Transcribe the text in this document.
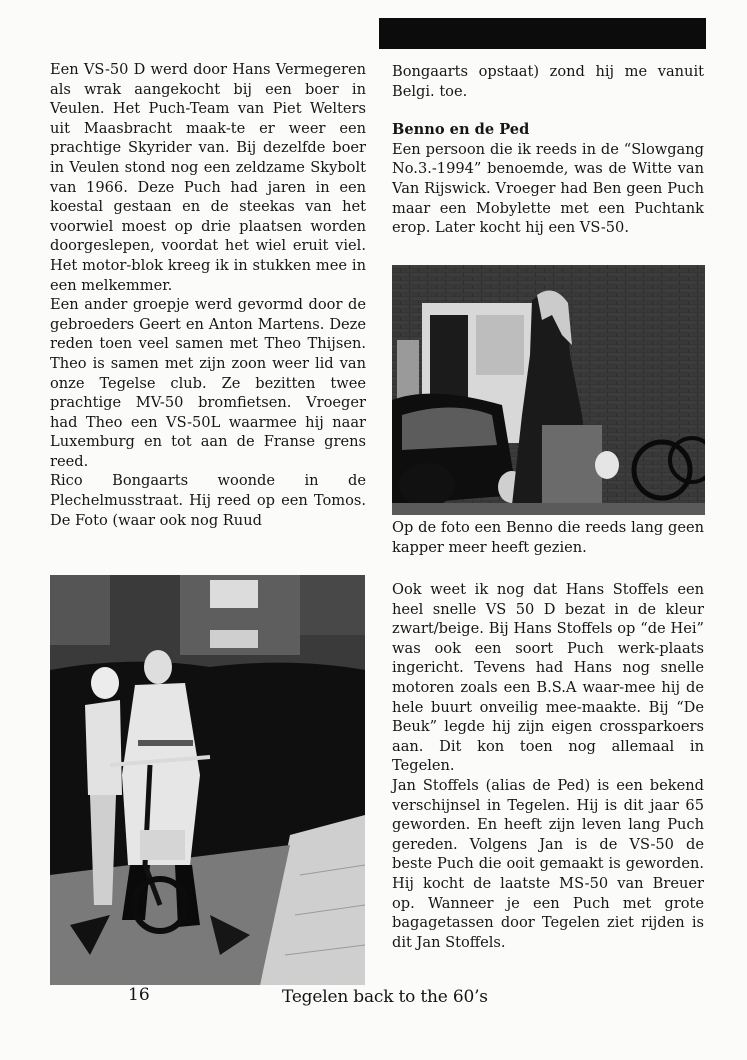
Een VS-50 D werd door Hans Vermegeren als wrak aangekocht bij een boer in Veulen. Het Puch-Team van Piet Welters uit Maasbracht maak-te er weer een prachtige Skyrider van. Bij dezelfde boer in Veulen stond nog een zeldzame Skybolt van 1966. Deze Puch had jaren in een koestal gestaan en de steekas van het voorwiel moest op drie plaatsen worden doorgeslepen, voordat het wiel eruit viel. Het motor-blok kreeg ik in stukken mee in een melkemmer.

Een ander groepje werd gevormd door de gebroeders Geert en Anton Martens. Deze reden toen veel samen met Theo Thijsen. Theo is samen met zijn zoon weer lid van onze Tegelse club. Ze bezitten twee prachtige MV-50 bromfietsen. Vroeger had Theo een VS-50L waarmee hij naar Luxemburg en tot aan de Franse grens reed.

Rico Bongaarts woonde in de Plechelmusstraat. Hij reed op een Tomos. De Foto (waar ook nog Ruud

Bongaarts opstaat) zond hij me vanuit Belgi. toe.

Benno en de Ped

Een persoon die ik reeds in de “Slowgang No.3.-1994” benoemde, was de Witte van Van Rijswick. Vroeger had Ben geen Puch maar een Mobylette met een Puchtank erop. Later kocht hij een VS-50.

Op de foto een Benno die reeds lang geen kapper meer heeft gezien.

Ook weet ik nog dat Hans Stoffels een heel snelle VS 50 D bezat in de kleur zwart/beige. Bij Hans Stoffels op “de Hei” was ook een soort Puch werk-plaats ingericht. Tevens had Hans nog snelle motoren zoals een B.S.A waar-mee hij de hele buurt onveilig mee-maakte. Bij “De Beuk” legde hij zijn eigen crossparkoers aan. Dit kon toen nog allemaal in Tegelen.

Jan Stoffels (alias de Ped) is een bekend verschijnsel in Tegelen. Hij is dit jaar 65 geworden. En heeft zijn leven lang Puch gereden. Volgens Jan is de VS-50 de beste Puch die ooit gemaakt is geworden. Hij kocht de laatste MS-50 van Breuer op. Wanneer je een Puch met grote bagagetassen door Tegelen ziet rijden is dit Jan Stoffels.

16	Tegelen back to the 60’s
